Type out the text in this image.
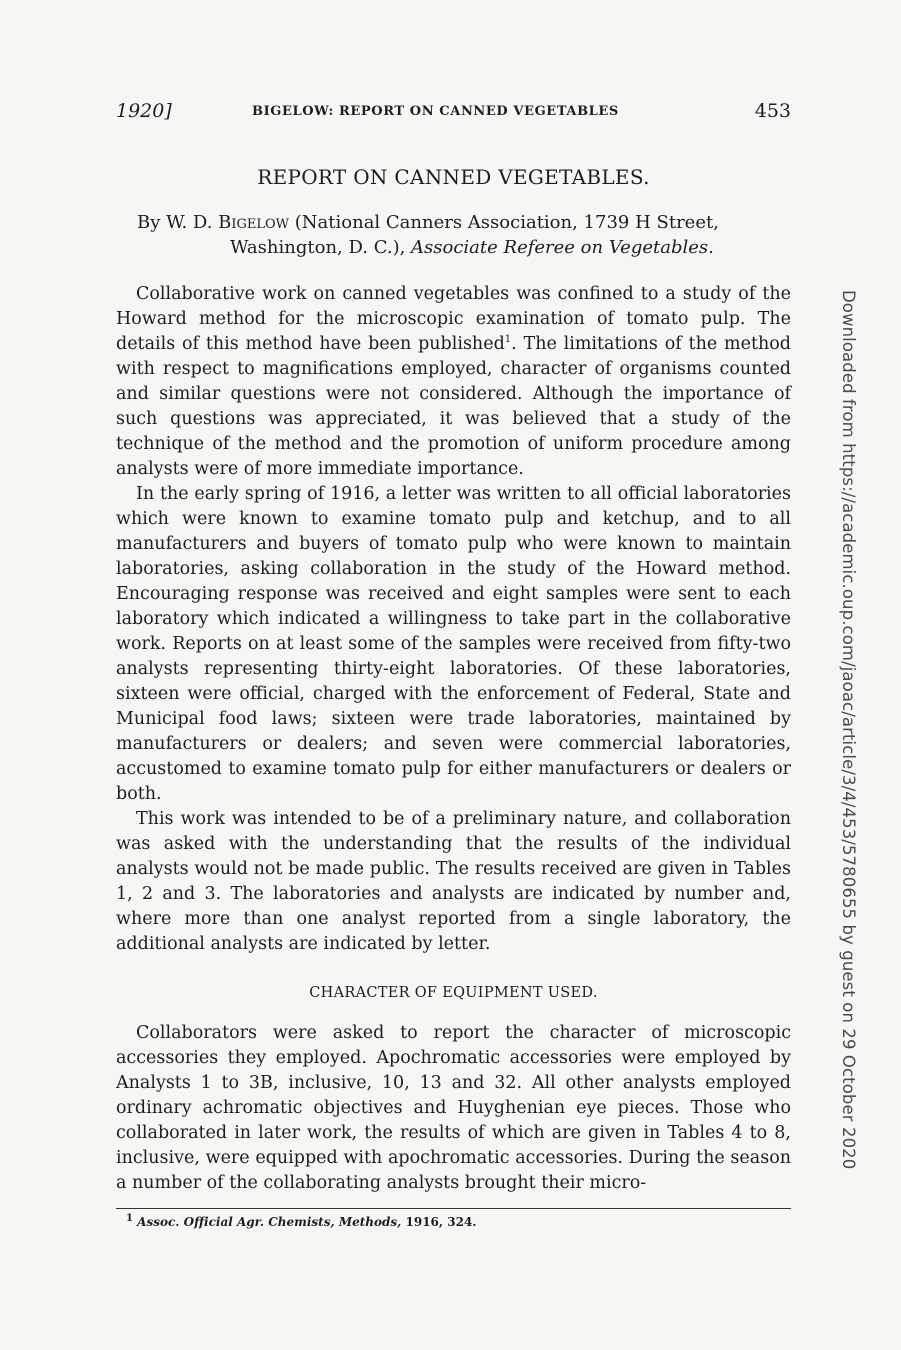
1920]	BIGELOW: REPORT ON CANNED VEGETABLES	453
REPORT ON CANNED VEGETABLES.
By W. D. Bigelow (National Canners Association, 1739 H Street,
Washington, D. C.), Associate Referee on Vegetables.

Collaborative work on canned vegetables was confined to a study of the Howard method for the microscopic examination of tomato pulp. The details of this method have been published$^1$. The limitations of the method with respect to magnifications employed, character of organisms counted and similar questions were not considered. Although the importance of such questions was appreciated, it was believed that a study of the technique of the method and the promotion of uniform procedure among analysts were of more immediate importance.

In the early spring of 1916, a letter was written to all official laboratories which were known to examine tomato pulp and ketchup, and to all manufacturers and buyers of tomato pulp who were known to maintain laboratories, asking collaboration in the study of the Howard method. Encouraging response was received and eight samples were sent to each laboratory which indicated a willingness to take part in the collaborative work. Reports on at least some of the samples were received from fifty-two analysts representing thirty-eight laboratories. Of these laboratories, sixteen were official, charged with the enforcement of Federal, State and Municipal food laws; sixteen were trade laboratories, maintained by manufacturers or dealers; and seven were commercial laboratories, accustomed to examine tomato pulp for either manufacturers or dealers or both.

This work was intended to be of a preliminary nature, and collaboration was asked with the understanding that the results of the individual analysts would not be made public. The results received are given in Tables 1, 2 and 3. The laboratories and analysts are indicated by number and, where more than one analyst reported from a single laboratory, the additional analysts are indicated by letter.

CHARACTER OF EQUIPMENT USED.

Collaborators were asked to report the character of microscopic accessories they employed. Apochromatic accessories were employed by Analysts 1 to 3B, inclusive, 10, 13 and 32. All other analysts employed ordinary achromatic objectives and Huyghenian eye pieces. Those who collaborated in later work, the results of which are given in Tables 4 to 8, inclusive, were equipped with apochromatic accessories. During the season a number of the collaborating analysts brought their micro-

$^1$ Assoc. Official Agr. Chemists, Methods, 1916, 324.
Downloaded from https://academic.oup.com/jaoac/article/3/4/453/5780655 by guest on 29 October 2020
